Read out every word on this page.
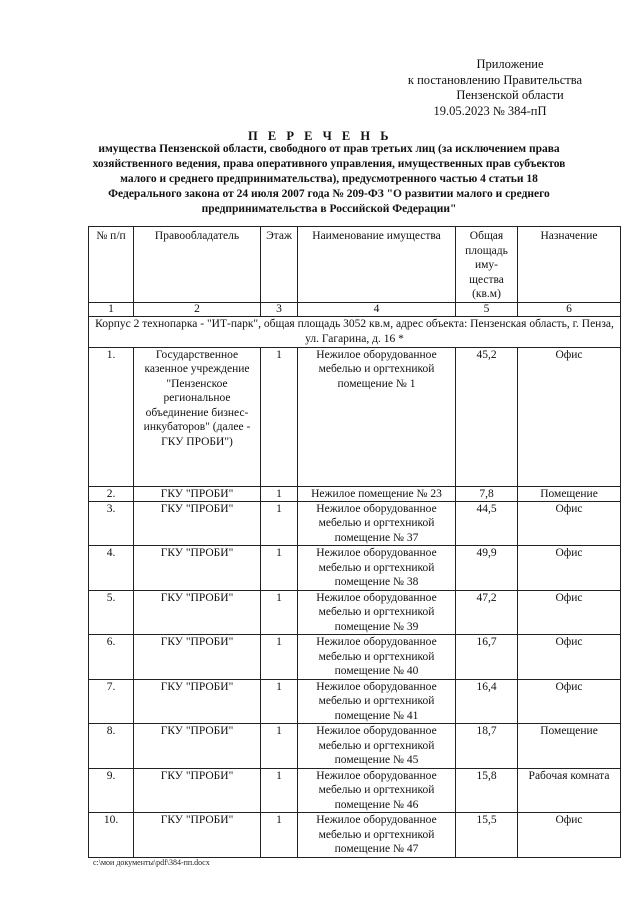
Приложение
к постановлению Правительства
Пензенской области
19.05.2023 № 384-пП
П Е Р Е Ч Е Н Ь
имущества Пензенской области, свободного от прав третьих лиц (за исключением права хозяйственного ведения, права оперативного управления, имущественных прав субъектов малого и среднего предпринимательства), предусмотренного частью 4 статьи 18 Федерального закона от 24 июля 2007 года № 209-ФЗ "О развитии малого и среднего предпринимательства в Российской Федерации"
№ п/п	Правообладатель	Этаж	Наименование имущества	Общая площадь иму-щества (кв.м)	Назначение
1	2	3	4	5	6
Корпус 2 технопарка - "ИТ-парк", общая площадь 3052 кв.м, адрес объекта: Пензенская область, г. Пенза, ул. Гагарина, д. 16 *					
1.	Государственное казенное учреждение "Пензенское региональное объединение бизнес-инкубаторов" (далее - ГКУ ПРОБИ")	1	Нежилое оборудованное мебелью и оргтехникой помещение № 1	45,2	Офис
2.	ГКУ "ПРОБИ"	1	Нежилое помещение № 23	7,8	Помещение
3.	ГКУ "ПРОБИ"	1	Нежилое оборудованное мебелью и оргтехникой помещение № 37	44,5	Офис
4.	ГКУ "ПРОБИ"	1	Нежилое оборудованное мебелью и оргтехникой помещение № 38	49,9	Офис
5.	ГКУ "ПРОБИ"	1	Нежилое оборудованное мебелью и оргтехникой помещение № 39	47,2	Офис
6.	ГКУ "ПРОБИ"	1	Нежилое оборудованное мебелью и оргтехникой помещение № 40	16,7	Офис
7.	ГКУ "ПРОБИ"	1	Нежилое оборудованное мебелью и оргтехникой помещение № 41	16,4	Офис
8.	ГКУ "ПРОБИ"	1	Нежилое оборудованное мебелью и оргтехникой помещение № 45	18,7	Помещение
9.	ГКУ "ПРОБИ"	1	Нежилое оборудованное мебелью и оргтехникой помещение № 46	15,8	Рабочая комната
10.	ГКУ "ПРОБИ"	1	Нежилое оборудованное мебелью и оргтехникой помещение № 47	15,5	Офис
c:\мои документы\pdf\384-пп.docx
